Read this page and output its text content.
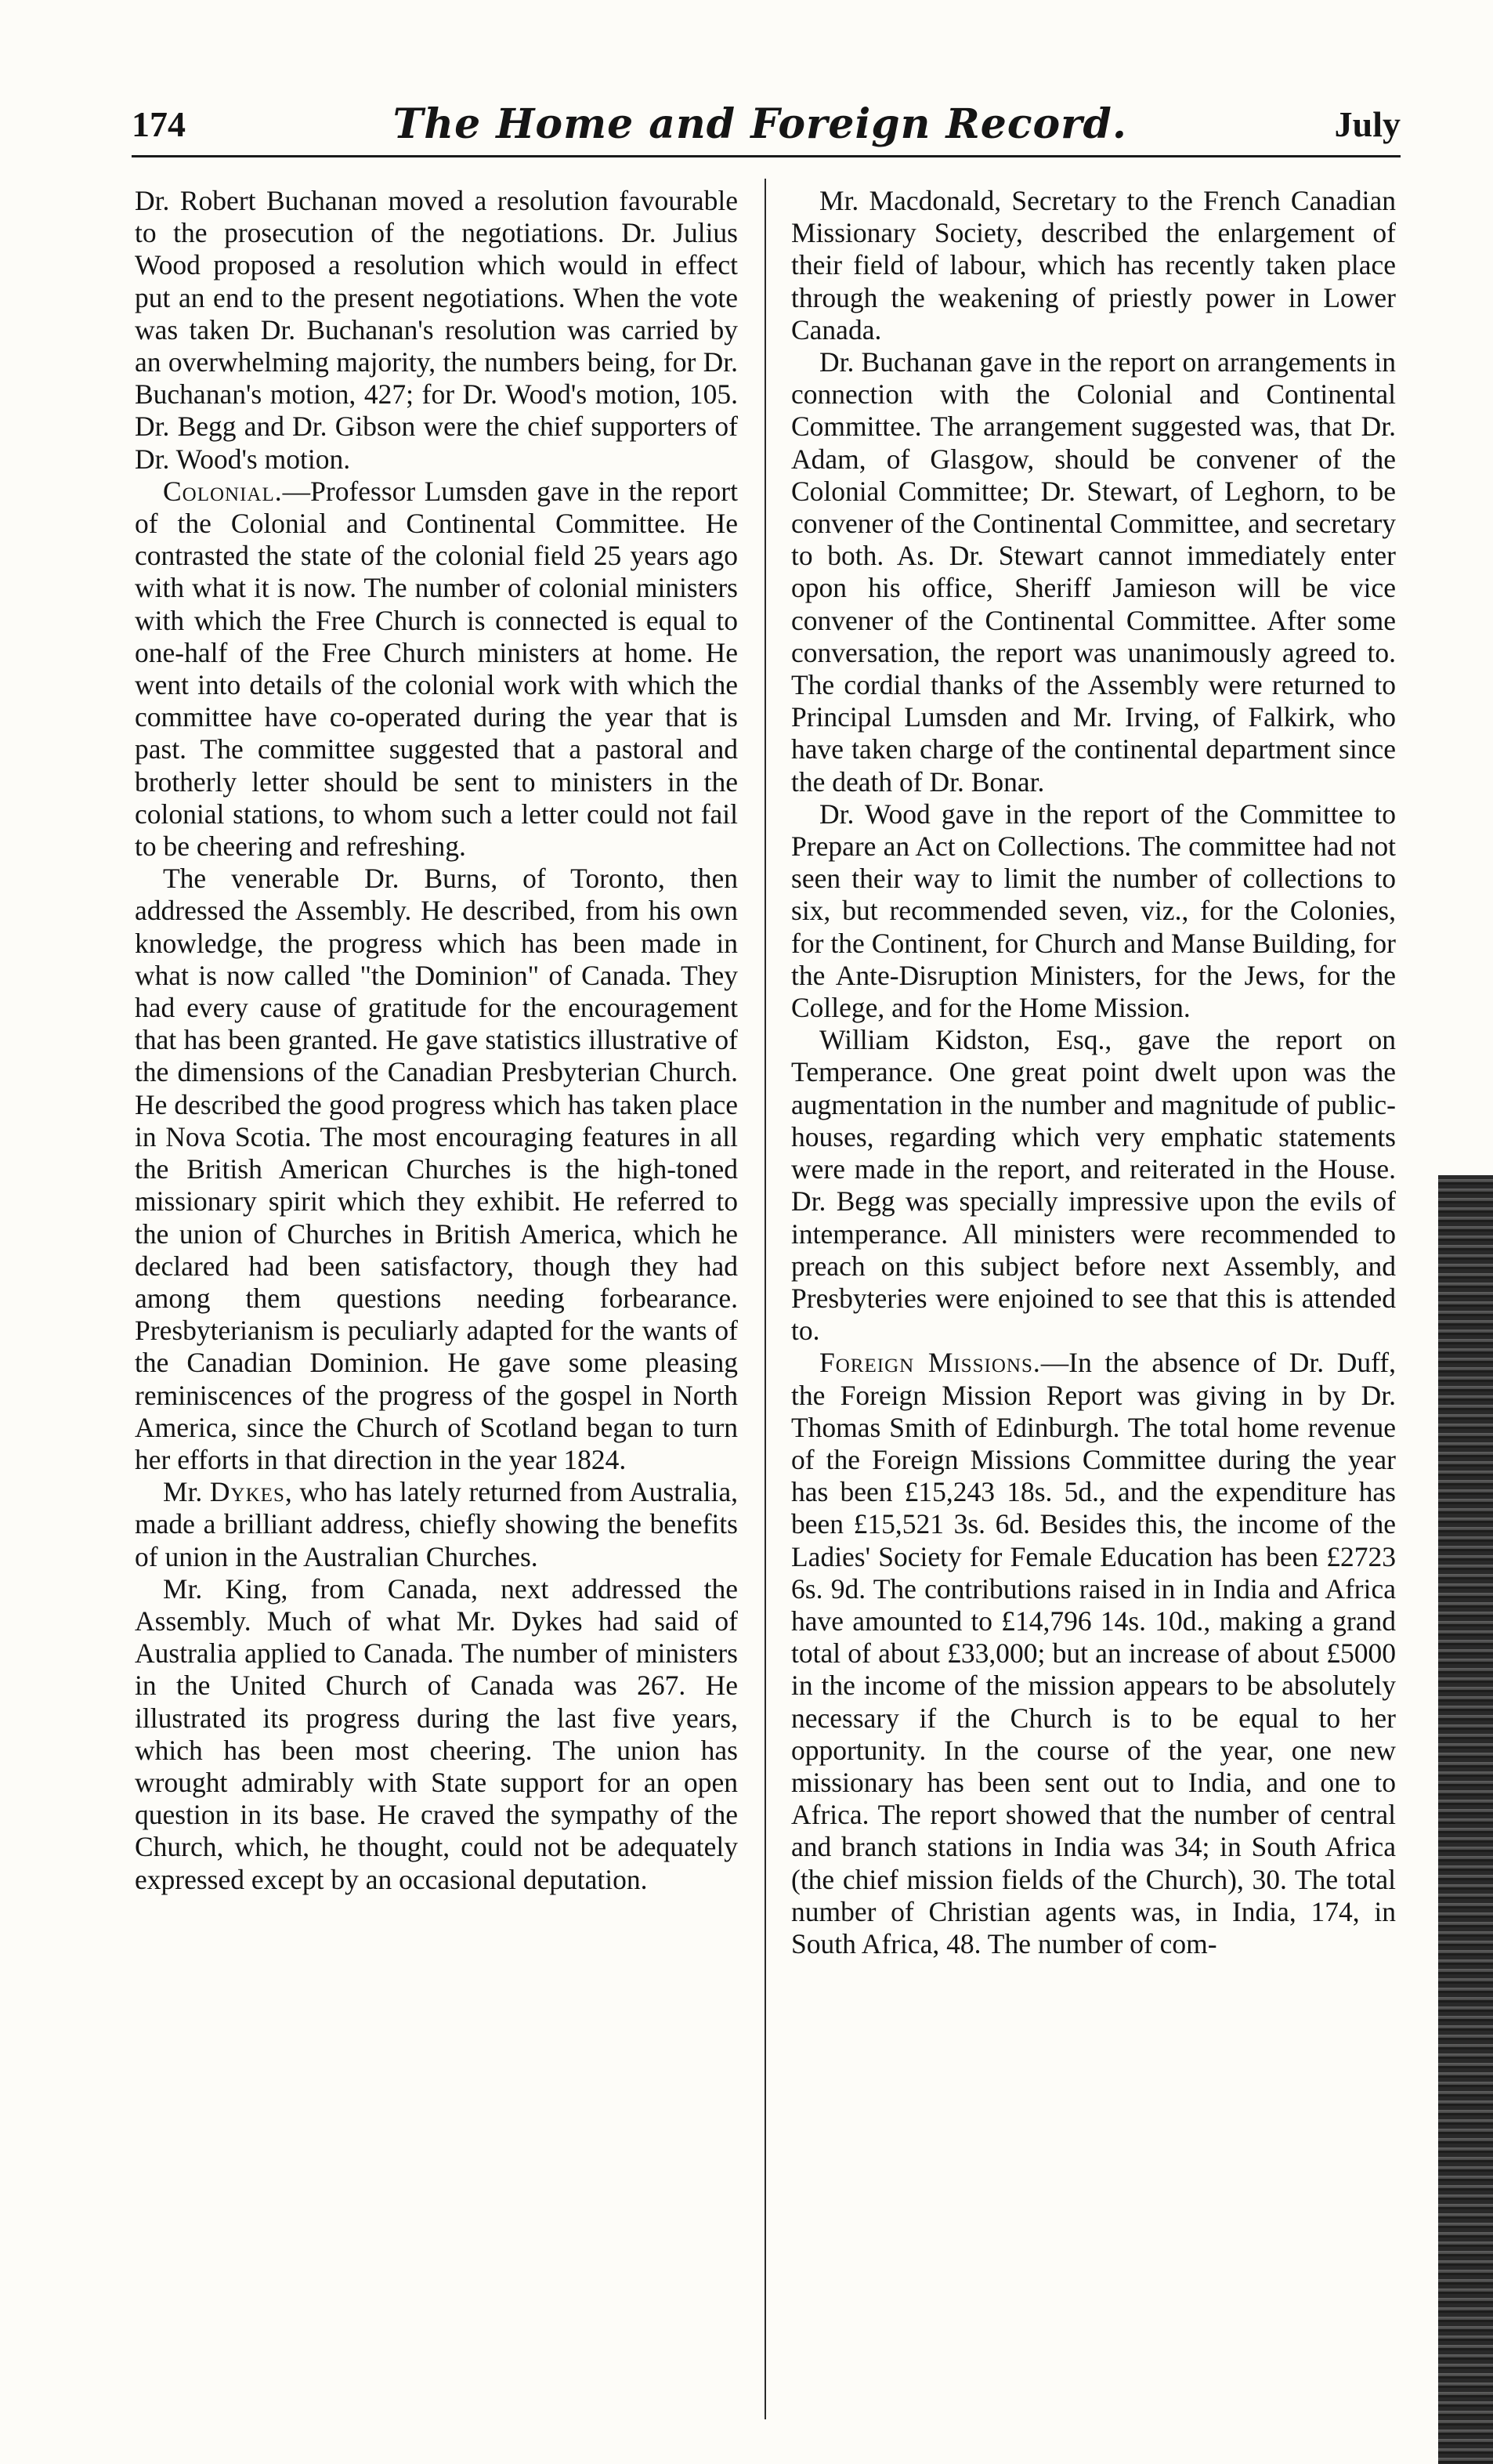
174	The Home and Foreign Record.	July

Dr. Robert Buchanan moved a resolution favourable to the prosecution of the negotiations. Dr. Julius Wood proposed a resolution which would in effect put an end to the present negotiations. When the vote was taken Dr. Buchanan's resolution was carried by an overwhelming majority, the numbers being, for Dr. Buchanan's motion, 427; for Dr. Wood's motion, 105. Dr. Begg and Dr. Gibson were the chief supporters of Dr. Wood's motion.

Colonial.—Professor Lumsden gave in the report of the Colonial and Continental Committee. He contrasted the state of the colonial field 25 years ago with what it is now. The number of colonial ministers with which the Free Church is connected is equal to one-half of the Free Church ministers at home. He went into details of the colonial work with which the committee have co-operated during the year that is past. The committee suggested that a pastoral and brotherly letter should be sent to ministers in the colonial stations, to whom such a letter could not fail to be cheering and refreshing.

The venerable Dr. Burns, of Toronto, then addressed the Assembly. He described, from his own knowledge, the progress which has been made in what is now called "the Dominion" of Canada. They had every cause of gratitude for the encouragement that has been granted. He gave statistics illustrative of the dimensions of the Canadian Presbyterian Church. He described the good progress which has taken place in Nova Scotia. The most encouraging features in all the British American Churches is the high-toned missionary spirit which they exhibit. He referred to the union of Churches in British America, which he declared had been satisfactory, though they had among them questions needing forbearance. Presbyterianism is peculiarly adapted for the wants of the Canadian Dominion. He gave some pleasing reminiscences of the progress of the gospel in North America, since the Church of Scotland began to turn her efforts in that direction in the year 1824.

Mr. Dykes, who has lately returned from Australia, made a brilliant address, chiefly showing the benefits of union in the Australian Churches.

Mr. King, from Canada, next addressed the Assembly. Much of what Mr. Dykes had said of Australia applied to Canada. The number of ministers in the United Church of Canada was 267. He illustrated its progress during the last five years, which has been most cheering. The union has wrought admirably with State support for an open question in its base. He craved the sympathy of the Church, which, he thought, could not be adequately expressed except by an occasional deputation.

Mr. Macdonald, Secretary to the French Canadian Missionary Society, described the enlargement of their field of labour, which has recently taken place through the weakening of priestly power in Lower Canada.

Dr. Buchanan gave in the report on arrangements in connection with the Colonial and Continental Committee. The arrangement suggested was, that Dr. Adam, of Glasgow, should be convener of the Colonial Committee; Dr. Stewart, of Leghorn, to be convener of the Continental Committee, and secretary to both. As. Dr. Stewart cannot immediately enter opon his office, Sheriff Jamieson will be vice convener of the Continental Committee. After some conversation, the report was unanimously agreed to. The cordial thanks of the Assembly were returned to Principal Lumsden and Mr. Irving, of Falkirk, who have taken charge of the continental department since the death of Dr. Bonar.

Dr. Wood gave in the report of the Committee to Prepare an Act on Collections. The committee had not seen their way to limit the number of collections to six, but recommended seven, viz., for the Colonies, for the Continent, for Church and Manse Building, for the Ante-Disruption Ministers, for the Jews, for the College, and for the Home Mission.

William Kidston, Esq., gave the report on Temperance. One great point dwelt upon was the augmentation in the number and magnitude of public-houses, regarding which very emphatic statements were made in the report, and reiterated in the House. Dr. Begg was specially impressive upon the evils of intemperance. All ministers were recommended to preach on this subject before next Assembly, and Presbyteries were enjoined to see that this is attended to.

Foreign Missions.—In the absence of Dr. Duff, the Foreign Mission Report was giving in by Dr. Thomas Smith of Edinburgh. The total home revenue of the Foreign Missions Committee during the year has been £15,243 18s. 5d., and the expenditure has been £15,521 3s. 6d. Besides this, the income of the Ladies' Society for Female Education has been £2723 6s. 9d. The contributions raised in in India and Africa have amounted to £14,796 14s. 10d., making a grand total of about £33,000; but an increase of about £5000 in the income of the mission appears to be absolutely necessary if the Church is to be equal to her opportunity. In the course of the year, one new missionary has been sent out to India, and one to Africa. The report showed that the number of central and branch stations in India was 34; in South Africa (the chief mission fields of the Church), 30. The total number of Christian agents was, in India, 174, in South Africa, 48. The number of com-
